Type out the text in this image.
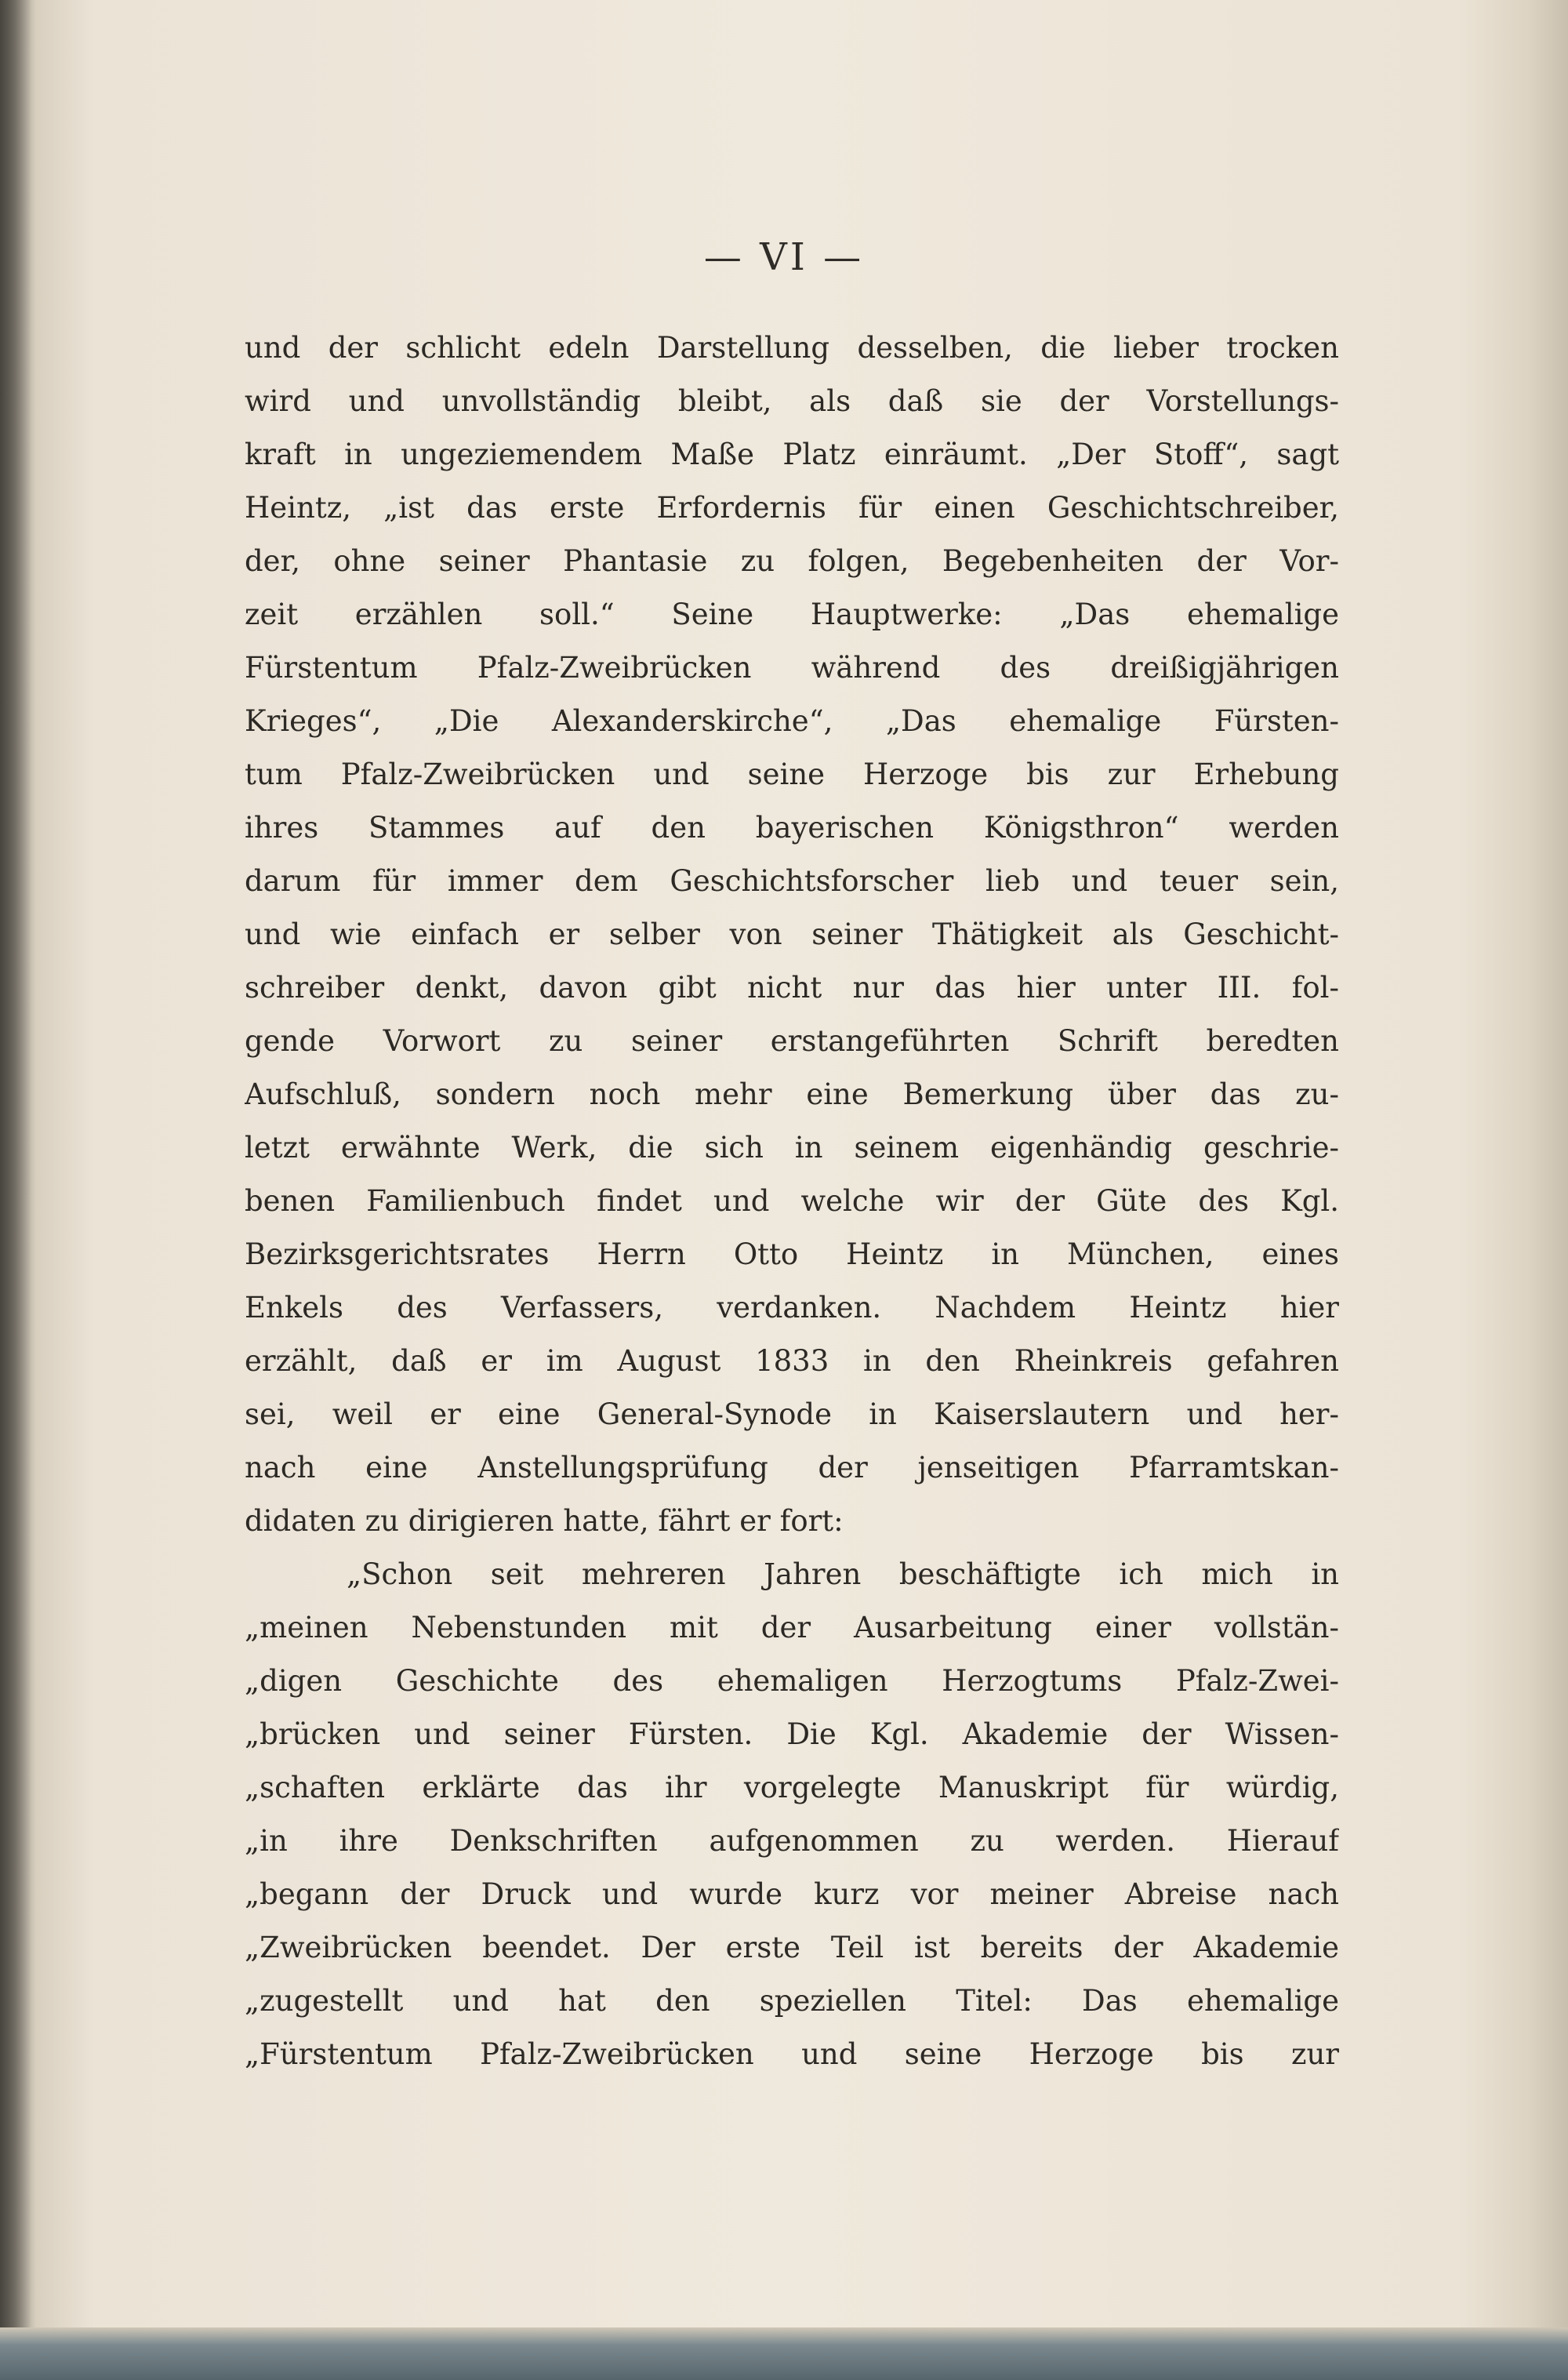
— VI —
und der schlicht edeln Darstellung desselben, die lieber trocken
wird und unvollständig bleibt, als daß sie der Vorstellungs-
kraft in ungeziemendem Maße Platz einräumt. „Der Stoff“, sagt
Heintz, „ist das erste Erfordernis für einen Geschichtschreiber,
der, ohne seiner Phantasie zu folgen, Begebenheiten der Vor-
zeit erzählen soll.“ Seine Hauptwerke: „Das ehemalige
Fürstentum Pfalz-Zweibrücken während des dreißigjährigen
Krieges“, „Die Alexanderskirche“, „Das ehemalige Fürsten-
tum Pfalz-Zweibrücken und seine Herzoge bis zur Erhebung
ihres Stammes auf den bayerischen Königsthron“ werden
darum für immer dem Geschichtsforscher lieb und teuer sein,
und wie einfach er selber von seiner Thätigkeit als Geschicht-
schreiber denkt, davon gibt nicht nur das hier unter III. fol-
gende Vorwort zu seiner erstangeführten Schrift beredten
Aufschluß, sondern noch mehr eine Bemerkung über das zu-
letzt erwähnte Werk, die sich in seinem eigenhändig geschrie-
benen Familienbuch findet und welche wir der Güte des Kgl.
Bezirksgerichtsrates Herrn Otto Heintz in München, eines
Enkels des Verfassers, verdanken. Nachdem Heintz hier
erzählt, daß er im August 1833 in den Rheinkreis gefahren
sei, weil er eine General-Synode in Kaiserslautern und her-
nach eine Anstellungsprüfung der jenseitigen Pfarramtskan-
didaten zu dirigieren hatte, fährt er fort:
„Schon seit mehreren Jahren beschäftigte ich mich in
„meinen Nebenstunden mit der Ausarbeitung einer vollstän-
„digen Geschichte des ehemaligen Herzogtums Pfalz-Zwei-
„brücken und seiner Fürsten. Die Kgl. Akademie der Wissen-
„schaften erklärte das ihr vorgelegte Manuskript für würdig,
„in ihre Denkschriften aufgenommen zu werden. Hierauf
„begann der Druck und wurde kurz vor meiner Abreise nach
„Zweibrücken beendet. Der erste Teil ist bereits der Akademie
„zugestellt und hat den speziellen Titel: Das ehemalige
„Fürstentum Pfalz-Zweibrücken und seine Herzoge bis zur
